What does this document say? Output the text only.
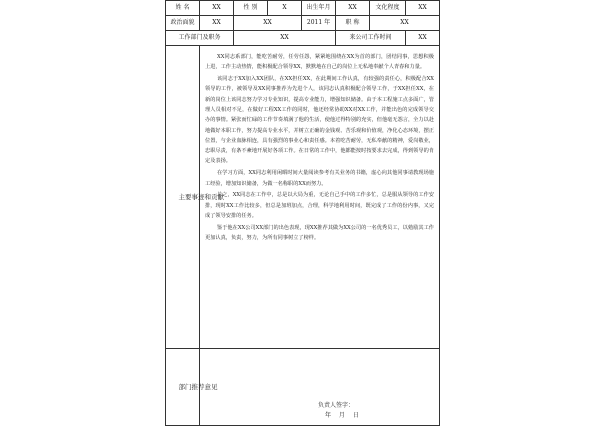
姓 名	XX	性 别	X	出生年月	XX	文化程度	XX
政治面貌	XX	XX		2011 年	职 称	XX	
工作部门及职务		XX			来公司工作时间		XX
主要事迹和贡献	XX同志系部门，能吃苦耐劳，任劳任怨，紧紧地围绕在XX为首的部门，团结同事，思想积极上进，工作主动热情，能积极配合领导XX，默默地在自己的岗位上无私地奉献个人青春和力量。

该同志于XX加入XX团队，在XX担任XX，在此期间工作认真，有较强的责任心，积极配合XX领导的工作，被领导及XX同事推荐为先进个人，该同志认真积极配合领导工作，于XX担任XX，在新的岗位上该同志努力学习专业知识，提高专业能力，增强知识储备。由于本工程施工点多面广，管理人员相对不足，在做好工程XX工作的同时，他还经常协助XX对XX工作，并能出色的完成领导交办的事情。紧张而忙碌的工作节奏填满了他的生活，使他过得特别的充实，但他毫无怨言，全力以赴地做好本职工作，努力提高专业水平，并树立正确的金钱观、苦乐观和价值观，净化心态环境，摆正位置，与企业血脉相连，具有强烈的事业心和责任感。本着吃苦耐劳，无私奉献的精神，爱岗敬业，忠职尽责，有条不紊地开展好各项工作。在日常的工作中，他都能按时按要求去完成，得到领导的肯定及表扬。

在学习方面，XX同志利用闲暇时间大量阅读参考有关业务的书籍，虚心向其他同事请教现场施工经验，增加知识储备，为做一名称职的XX而努力。

总之，XX同志在工作中，总是以大局为重，无论自己手中的工作多忙，总是服从领导的工作安排，现时XX工作比较多，但总是加班加点，合理，科学地利用时间，既完成了工作的份内事，又完成了领导安排的任务。

鉴于他在XX公司XX部门的出色表现，现XX推荐其做为XX公司的一名优秀员工，以勉励其工作更加认真，负责，努力，为所有同事树立了榜样。						

部门推荐意见	负责人签字：
年 月 日						
